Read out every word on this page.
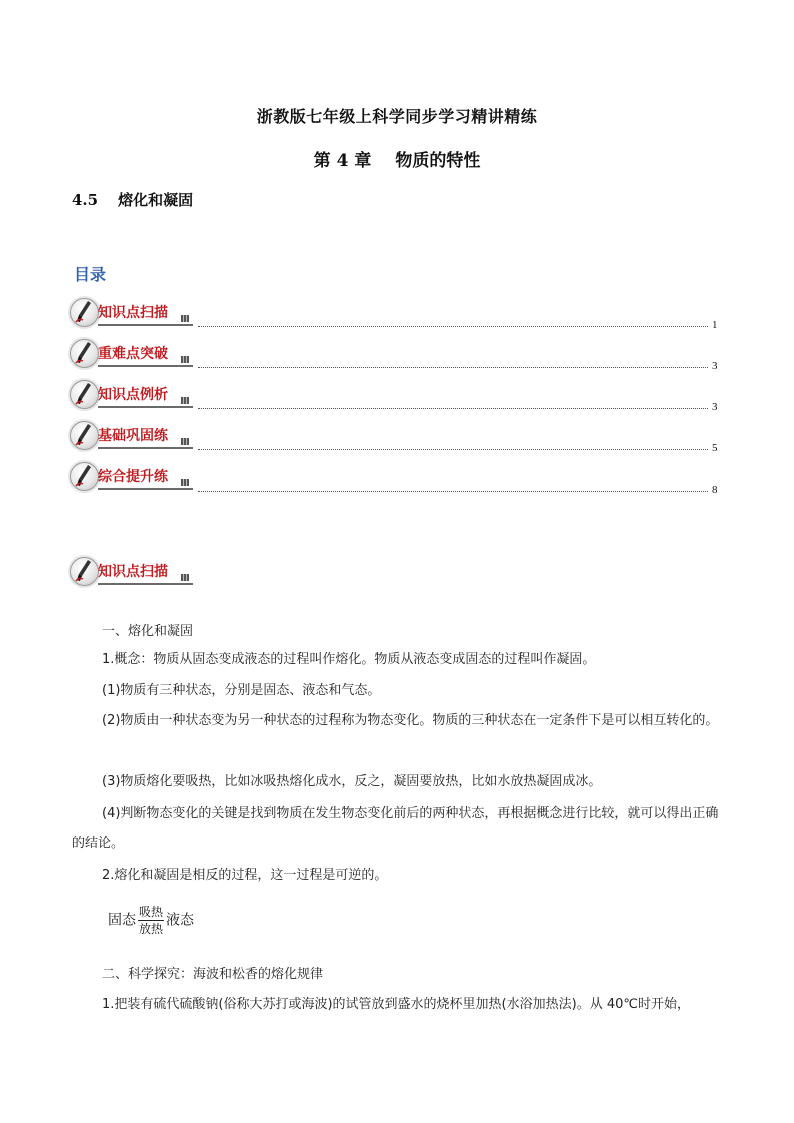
浙教版七年级上科学同步学习精讲精练
第 4 章 物质的特性
4.5 熔化和凝固
目录
知识点扫描
1
重难点突破
3
知识点例析
3
基础巩固练
5
综合提升练
8
知识点扫描
一、熔化和凝固
1.概念：物质从固态变成液态的过程叫作熔化。物质从液态变成固态的过程叫作凝固。
(1)物质有三种状态，分别是固态、液态和气态。
(2)物质由一种状态变为另一种状态的过程称为物态变化。物质的三种状态在一定条件下是可以相互转化的。
(3)物质熔化要吸热，比如冰吸热熔化成水，反之，凝固要放热，比如水放热凝固成冰。
(4)判断物态变化的关键是找到物质在发生物态变化前后的两种状态，再根据概念进行比较，就可以得出正确的结论。
2.熔化和凝固是相反的过程，这一过程是可逆的。
固态 $\frac{\text{吸热}}{\text{放热}}$ 液态
二、科学探究：海波和松香的熔化规律
1.把装有硫代硫酸钠(俗称大苏打或海波)的试管放到盛水的烧杯里加热(水浴加热法)。从 40℃时开始，
